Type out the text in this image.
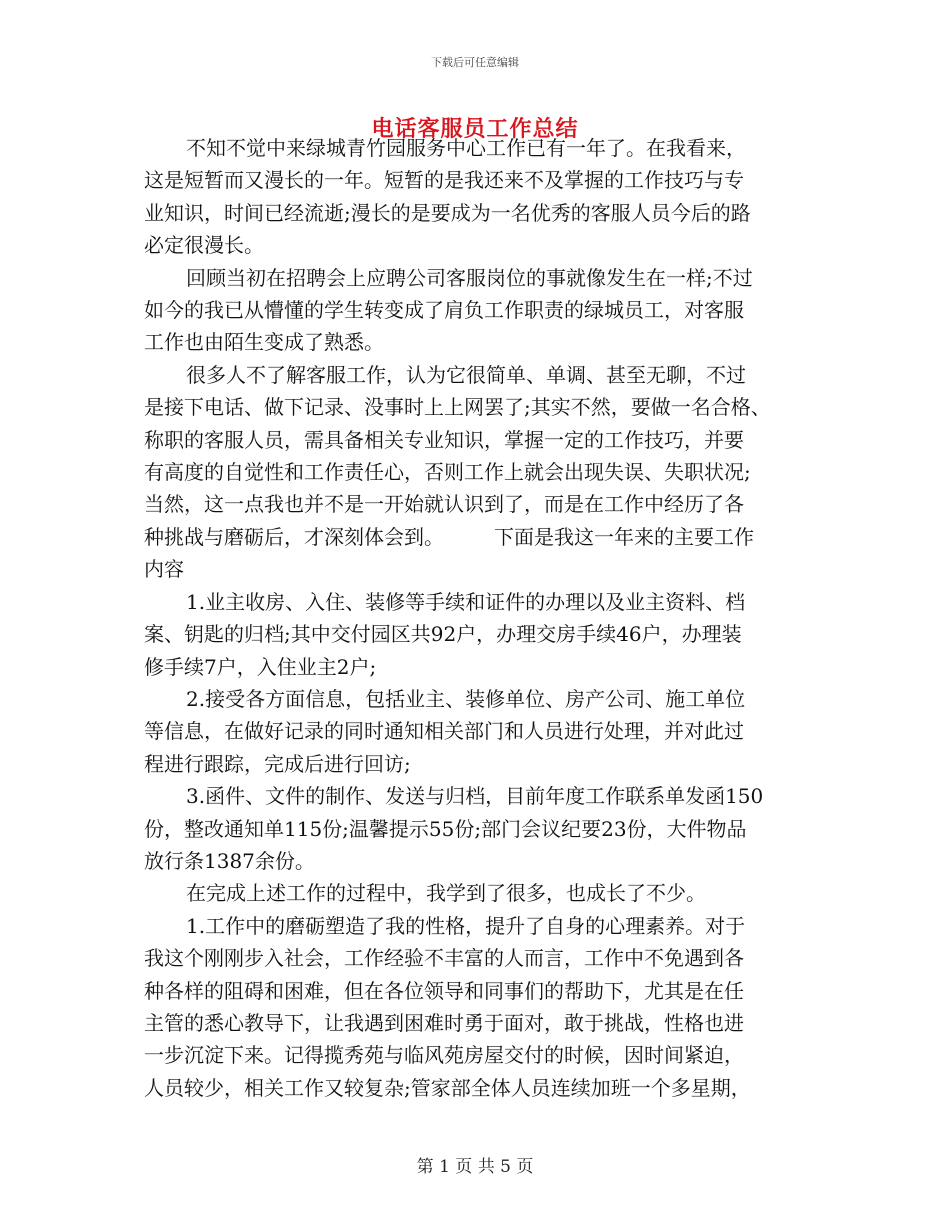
下载后可任意编辑
电话客服员工作总结
不知不觉中来绿城青竹园服务中心工作已有一年了。在我看来，
这是短暂而又漫长的一年。短暂的是我还来不及掌握的工作技巧与专
业知识，时间已经流逝;漫长的是要成为一名优秀的客服人员今后的路
必定很漫长。
回顾当初在招聘会上应聘公司客服岗位的事就像发生在一样;不过
如今的我已从懵懂的学生转变成了肩负工作职责的绿城员工，对客服
工作也由陌生变成了熟悉。
很多人不了解客服工作，认为它很简单、单调、甚至无聊，不过
是接下电话、做下记录、没事时上上网罢了;其实不然，要做一名合格、
称职的客服人员，需具备相关专业知识，掌握一定的工作技巧，并要
有高度的自觉性和工作责任心，否则工作上就会出现失误、失职状况;
当然，这一点我也并不是一开始就认识到了，而是在工作中经历了各
种挑战与磨砺后，才深刻体会到。　　　下面是我这一年来的主要工作
内容
1.业主收房、入住、装修等手续和证件的办理以及业主资料、档
案、钥匙的归档;其中交付园区共92户，办理交房手续46户，办理装
修手续7户，入住业主2户;
2.接受各方面信息，包括业主、装修单位、房产公司、施工单位
等信息，在做好记录的同时通知相关部门和人员进行处理，并对此过
程进行跟踪，完成后进行回访;
3.函件、文件的制作、发送与归档，目前年度工作联系单发函150
份，整改通知单115份;温馨提示55份;部门会议纪要23份，大件物品
放行条1387余份。
在完成上述工作的过程中，我学到了很多，也成长了不少。
1.工作中的磨砺塑造了我的性格，提升了自身的心理素养。对于
我这个刚刚步入社会，工作经验不丰富的人而言，工作中不免遇到各
种各样的阻碍和困难，但在各位领导和同事们的帮助下，尤其是在任
主管的悉心教导下，让我遇到困难时勇于面对，敢于挑战，性格也进
一步沉淀下来。记得揽秀苑与临风苑房屋交付的时候，因时间紧迫，
人员较少，相关工作又较复杂;管家部全体人员连续加班一个多星期，
第 1 页 共 5 页
